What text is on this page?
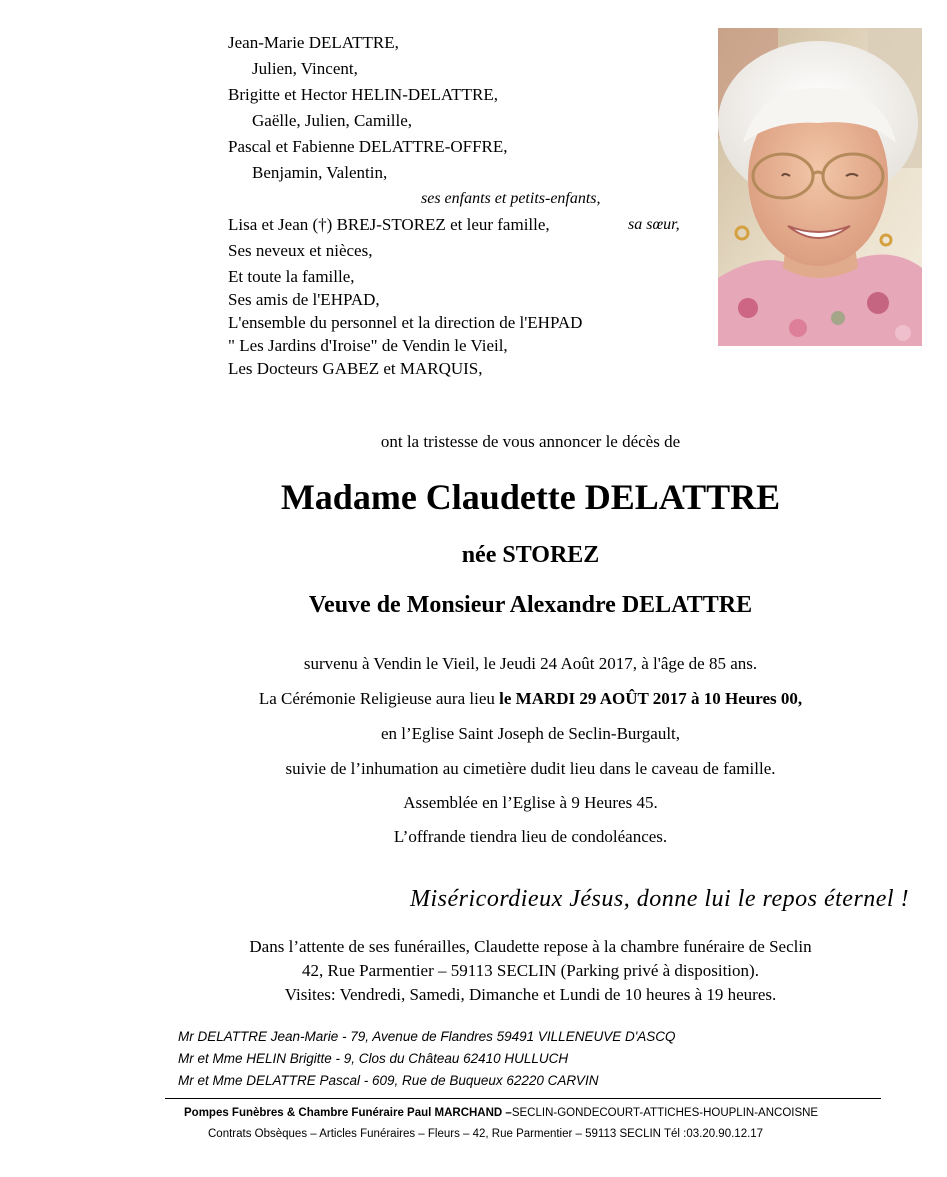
Jean-Marie DELATTRE,
Julien, Vincent,
Brigitte et Hector HELIN-DELATTRE,
Gaëlle, Julien, Camille,
Pascal et Fabienne DELATTRE-OFFRE,
Benjamin, Valentin,
ses enfants et petits-enfants,
Lisa et Jean (†) BREJ-STOREZ et leur famille,	sa sœur,
Ses neveux et nièces,
Et toute la famille,
Ses amis de l'EHPAD,
L'ensemble du personnel et la direction de l'EHPAD
" Les Jardins d'Iroise" de Vendin le Vieil,
Les Docteurs GABEZ et MARQUIS,
ont la tristesse de vous annoncer le décès de
Madame Claudette DELATTRE
née STOREZ
Veuve de Monsieur Alexandre DELATTRE
survenu à Vendin le Vieil, le Jeudi 24 Août 2017, à l'âge de 85 ans.
La Cérémonie Religieuse aura lieu le MARDI 29 AOÛT 2017 à 10 Heures 00,
en l’Eglise Saint Joseph de Seclin-Burgault,
suivie de l’inhumation au cimetière dudit lieu dans le caveau de famille.
Assemblée en l’Eglise à 9 Heures 45.
L’offrande tiendra lieu de condoléances.
Miséricordieux Jésus, donne lui le repos éternel !
Dans l’attente de ses funérailles, Claudette repose à la chambre funéraire de Seclin
42, Rue Parmentier – 59113 SECLIN (Parking privé à disposition).
Visites: Vendredi, Samedi, Dimanche et Lundi de 10 heures à 19 heures.
Mr DELATTRE Jean-Marie - 79, Avenue de Flandres 59491 VILLENEUVE D'ASCQ
Mr et Mme HELIN Brigitte - 9, Clos du Château 62410 HULLUCH
Mr et Mme DELATTRE Pascal - 609, Rue de Buqueux 62220 CARVIN
Pompes Funèbres & Chambre Funéraire Paul MARCHAND –SECLIN-GONDECOURT-ATTICHES-HOUPLIN-ANCOISNE
Contrats Obsèques – Articles Funéraires – Fleurs – 42, Rue Parmentier – 59113 SECLIN Tél :03.20.90.12.17
